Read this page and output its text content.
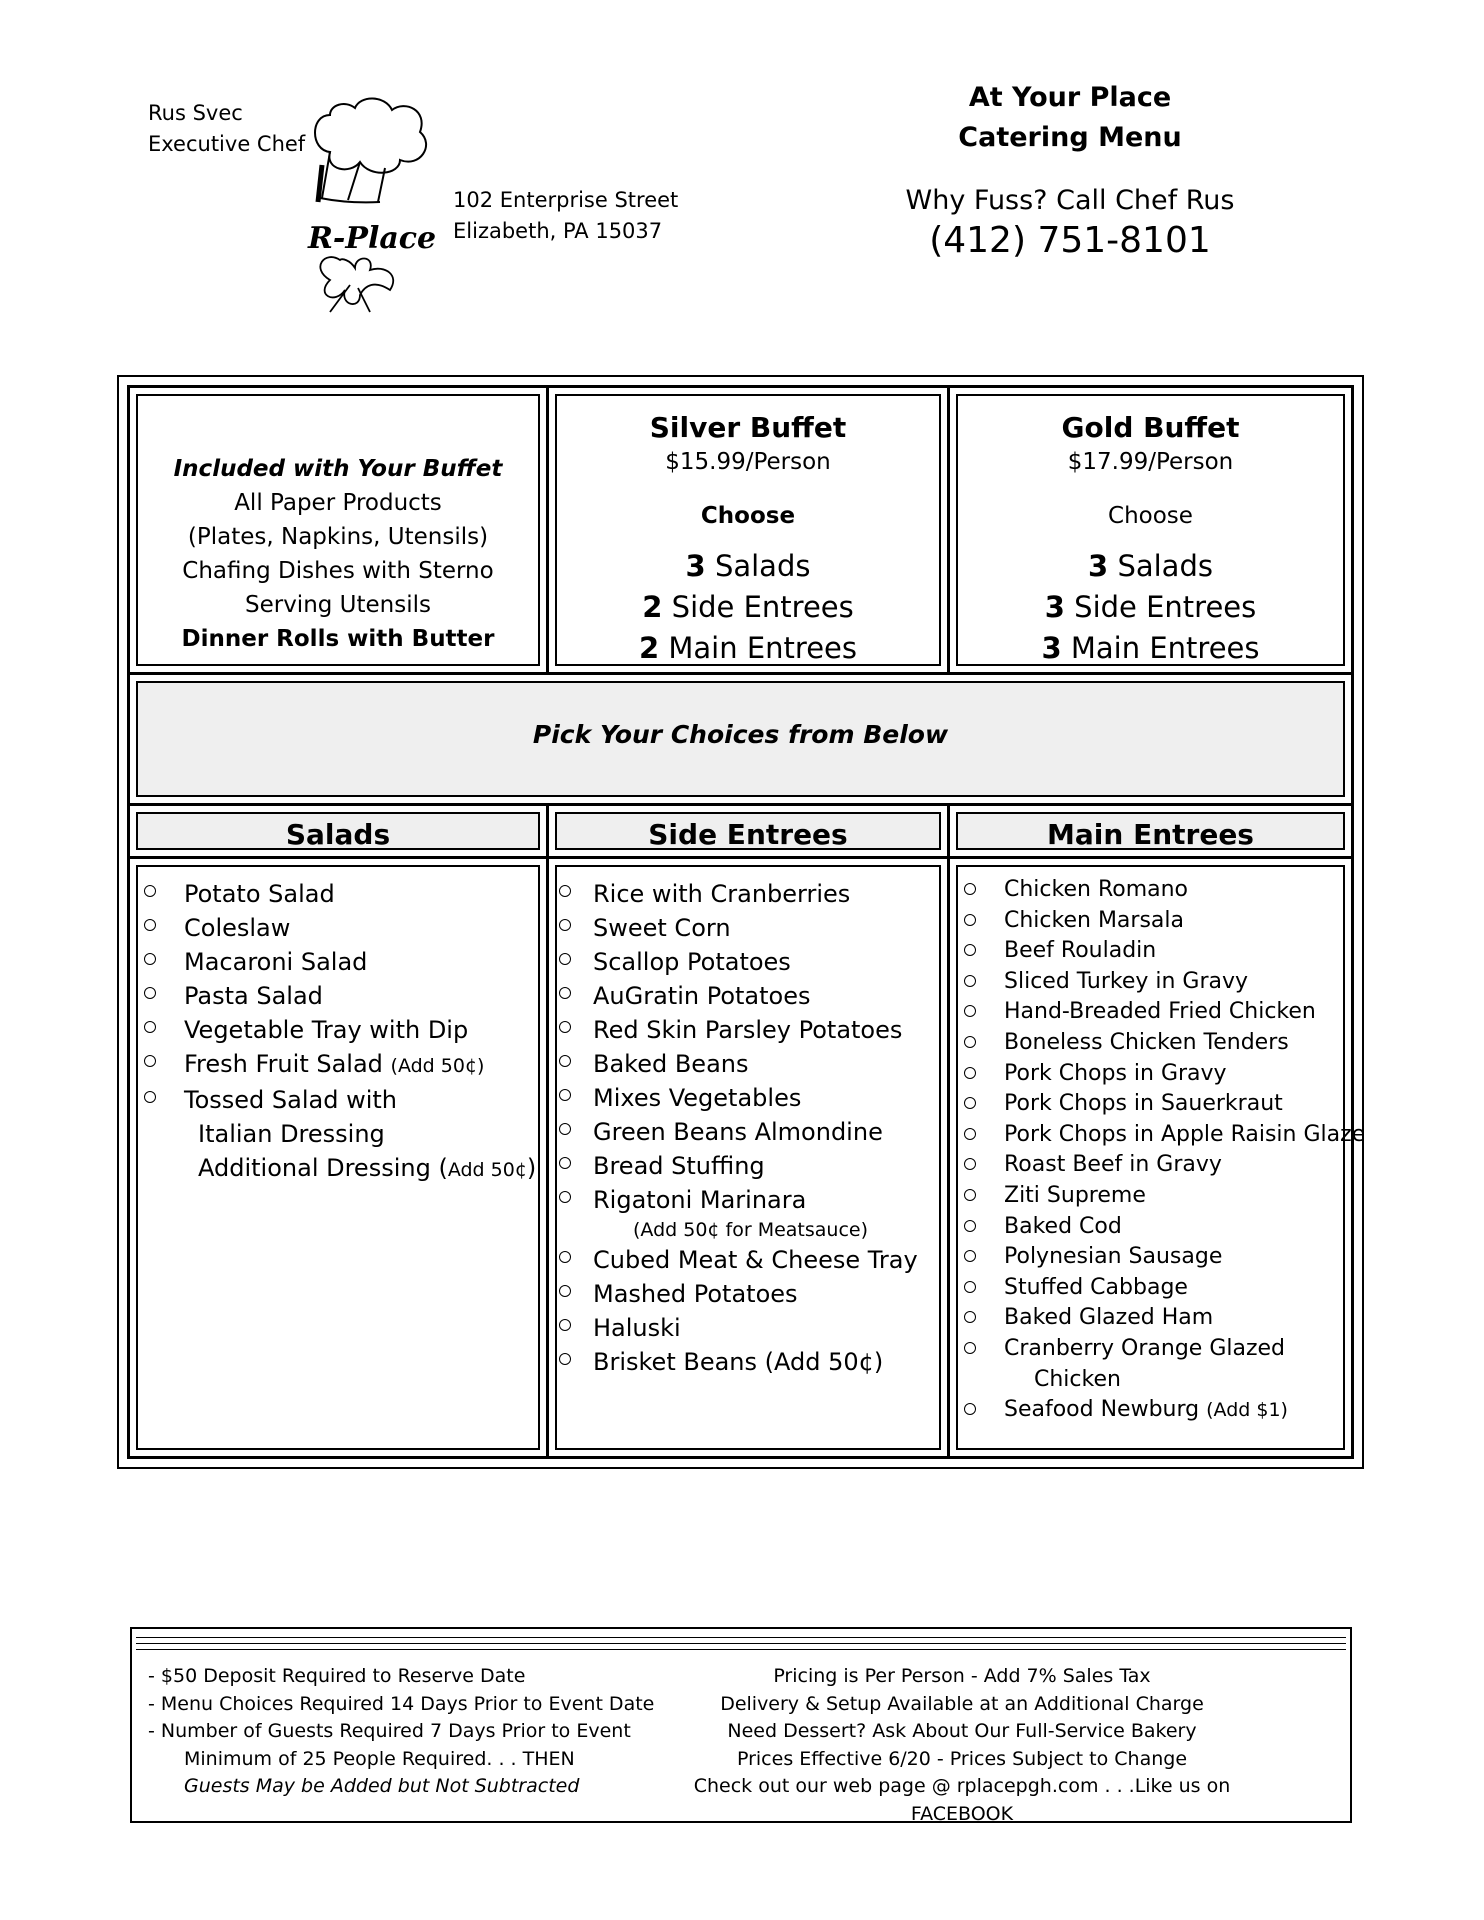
Rus Svec
Executive Chef
R-Place
102 Enterprise Street
Elizabeth, PA 15037
At Your Place
Catering Menu
Why Fuss? Call Chef Rus
(412) 751-8101
Included with Your Buffet
All Paper Products
(Plates, Napkins, Utensils)
Chafing Dishes with Sterno
Serving Utensils
Dinner Rolls with Butter
Silver Buffet
$15.99/Person
Choose
3 Salads
2 Side Entrees
2 Main Entrees
Gold Buffet
$17.99/Person
Choose
3 Salads
3 Side Entrees
3 Main Entrees
Pick Your Choices from Below
Salads	Side Entrees	Main Entrees
Potato Salad
Coleslaw
Macaroni Salad
Pasta Salad
Vegetable Tray with Dip
Fresh Fruit Salad (Add 50¢)
Tossed Salad with
Italian Dressing
Additional Dressing (Add 50¢)
Rice with Cranberries
Sweet Corn
Scallop Potatoes
AuGratin Potatoes
Red Skin Parsley Potatoes
Baked Beans
Mixes Vegetables
Green Beans Almondine
Bread Stuffing
Rigatoni Marinara
(Add 50¢ for Meatsauce)
Cubed Meat & Cheese Tray
Mashed Potatoes
Haluski
Brisket Beans (Add 50¢)
Chicken Romano
Chicken Marsala
Beef Rouladin
Sliced Turkey in Gravy
Hand-Breaded Fried Chicken
Boneless Chicken Tenders
Pork Chops in Gravy
Pork Chops in Sauerkraut
Pork Chops in Apple Raisin Glaze
Roast Beef in Gravy
Ziti Supreme
Baked Cod
Polynesian Sausage
Stuffed Cabbage
Baked Glazed Ham
Cranberry Orange Glazed
Chicken
Seafood Newburg (Add $1)
- $50 Deposit Required to Reserve Date
- Menu Choices Required 14 Days Prior to Event Date
- Number of Guests Required 7 Days Prior to Event
Minimum of 25 People Required. . . THEN
Guests May be Added but Not Subtracted
Pricing is Per Person - Add 7% Sales Tax
Delivery & Setup Available at an Additional Charge
Need Dessert? Ask About Our Full-Service Bakery
Prices Effective 6/20 - Prices Subject to Change
Check out our web page @ rplacepgh.com . . .Like us on FACEBOOK
